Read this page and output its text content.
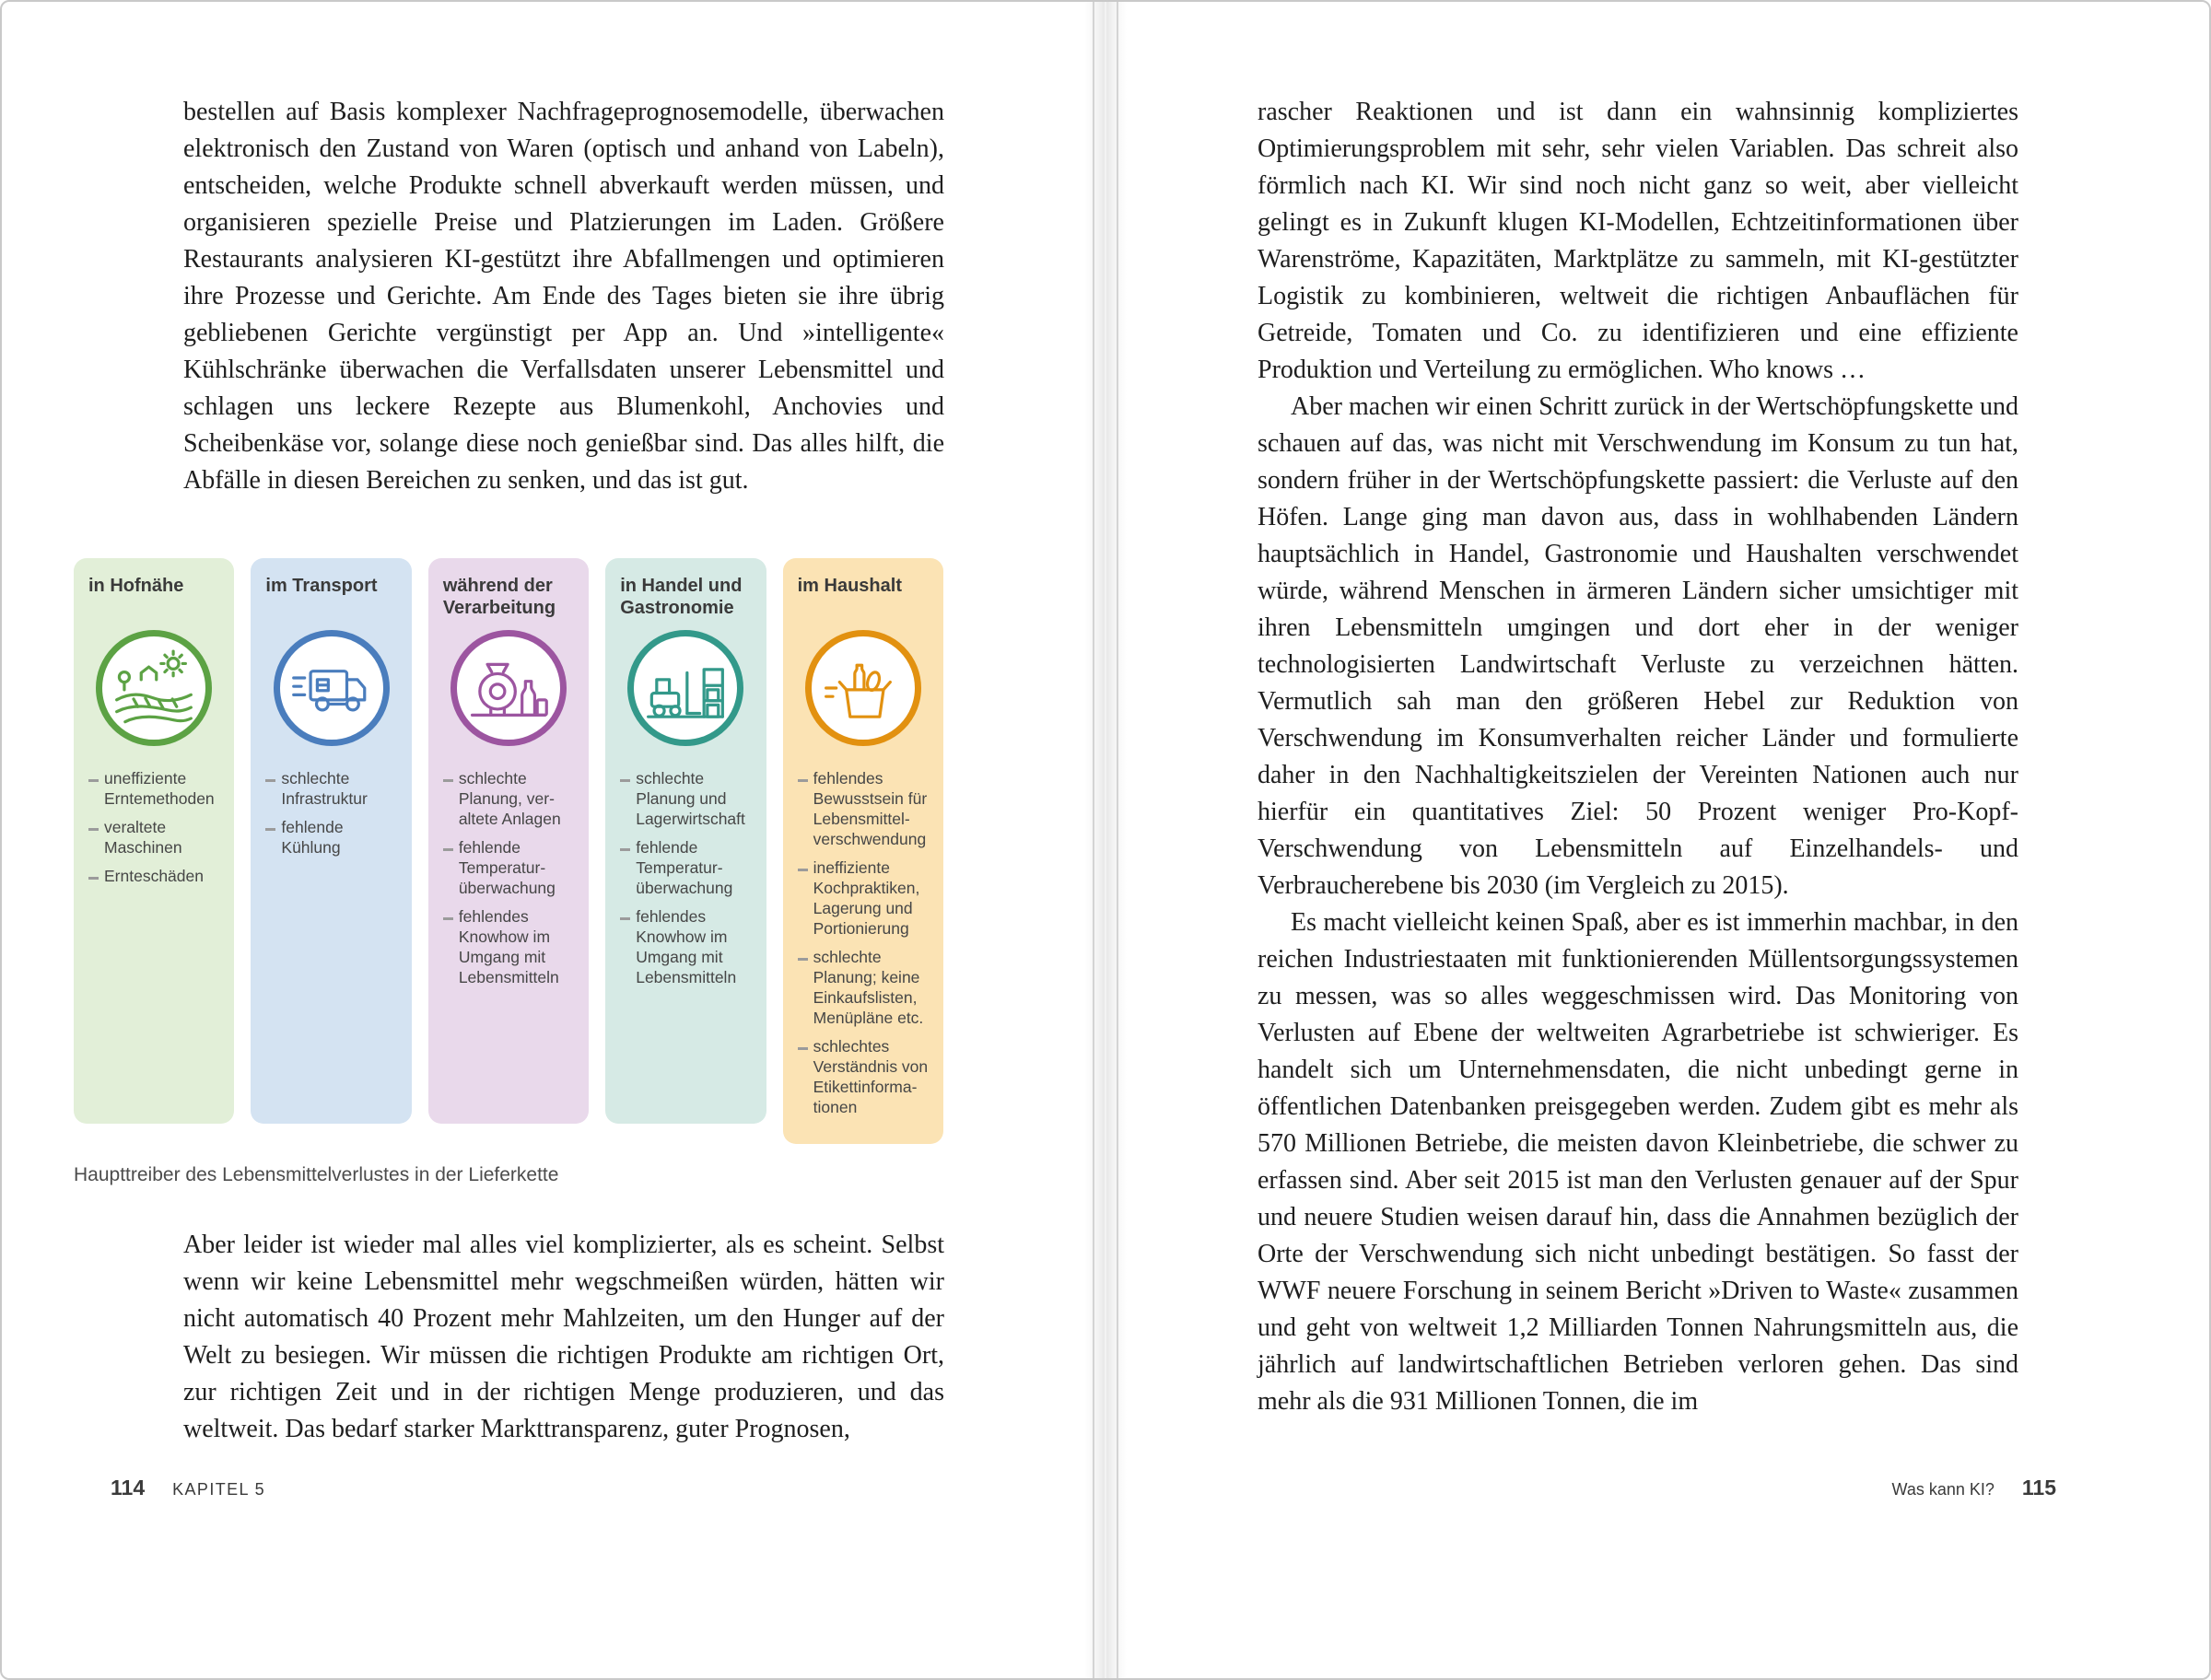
bestellen auf Basis komplexer Nachfrageprognosemodelle, überwachen elektronisch den Zustand von Waren (optisch und anhand von Labeln), entscheiden, welche Produkte schnell abverkauft werden müssen, und organisieren spezielle Preise und Platzierungen im Laden. Größere Restaurants analysieren KI-gestützt ihre Abfallmengen und optimieren ihre Prozesse und Gerichte. Am Ende des Tages bieten sie ihre übrig gebliebenen Gerichte vergünstigt per App an. Und »intelligente« Kühlschränke überwachen die Verfallsdaten unserer Lebensmittel und schlagen uns leckere Rezepte aus Blumenkohl, Anchovies und Scheibenkäse vor, solange diese noch genießbar sind. Das alles hilft, die Abfälle in diesen Bereichen zu senken, und das ist gut.

in Hofnähe
uneffiziente Erntemethoden
veraltete Maschinen
Ernteschäden
im Transport
schlechte Infrastruktur
fehlende Kühlung
während der Verarbeitung
schlechte Planung, veraltete Anlagen
fehlende Temperaturüberwachung
fehlendes Knowhow im Umgang mit Lebensmitteln
in Handel und Gastronomie
schlechte Planung und Lagerwirtschaft
fehlende Temperaturüberwachung
fehlendes Knowhow im Umgang mit Lebensmitteln
im Haushalt
fehlendes Bewusstsein für Lebensmittelverschwendung
ineffiziente Kochpraktiken, Lagerung und Portionierung
schlechte Planung; keine Einkaufslisten, Menüpläne etc.
schlechtes Verständnis von Etikettinformationen
Haupttreiber des Lebensmittelverlustes in der Lieferkette

Aber leider ist wieder mal alles viel komplizierter, als es scheint. Selbst wenn wir keine Lebensmittel mehr wegschmeißen würden, hätten wir nicht automatisch 40 Prozent mehr Mahlzeiten, um den Hunger auf der Welt zu besiegen. Wir müssen die richtigen Produkte am richtigen Ort, zur richtigen Zeit und in der richtigen Menge produzieren, und das weltweit. Das bedarf starker Markttransparenz, guter Prognosen,

114 KAPITEL 5

rascher Reaktionen und ist dann ein wahnsinnig kompliziertes Optimierungsproblem mit sehr, sehr vielen Variablen. Das schreit also förmlich nach KI. Wir sind noch nicht ganz so weit, aber vielleicht gelingt es in Zukunft klugen KI-Modellen, Echtzeitinformationen über Warenströme, Kapazitäten, Marktplätze zu sammeln, mit KI-gestützter Logistik zu kombinieren, weltweit die richtigen Anbauflächen für Getreide, Tomaten und Co. zu identifizieren und eine effiziente Produktion und Verteilung zu ermöglichen. Who knows …

Aber machen wir einen Schritt zurück in der Wertschöpfungskette und schauen auf das, was nicht mit Verschwendung im Konsum zu tun hat, sondern früher in der Wertschöpfungskette passiert: die Verluste auf den Höfen. Lange ging man davon aus, dass in wohlhabenden Ländern hauptsächlich in Handel, Gastronomie und Haushalten verschwendet würde, während Menschen in ärmeren Ländern sicher umsichtiger mit ihren Lebensmitteln umgingen und dort eher in der weniger technologisierten Landwirtschaft Verluste zu verzeichnen hätten. Vermutlich sah man den größeren Hebel zur Reduktion von Verschwendung im Konsumverhalten reicher Länder und formulierte daher in den Nachhaltigkeitszielen der Vereinten Nationen auch nur hierfür ein quantitatives Ziel: 50 Prozent weniger Pro-Kopf-Verschwendung von Lebensmitteln auf Einzelhandels- und Verbraucherebene bis 2030 (im Vergleich zu 2015).

Es macht vielleicht keinen Spaß, aber es ist immerhin machbar, in den reichen Industriestaaten mit funktionierenden Müllentsorgungssystemen zu messen, was so alles weggeschmissen wird. Das Monitoring von Verlusten auf Ebene der weltweiten Agrarbetriebe ist schwieriger. Es handelt sich um Unternehmensdaten, die nicht unbedingt gerne in öffentlichen Datenbanken preisgegeben werden. Zudem gibt es mehr als 570 Millionen Betriebe, die meisten davon Kleinbetriebe, die schwer zu erfassen sind. Aber seit 2015 ist man den Verlusten genauer auf der Spur und neuere Studien weisen darauf hin, dass die Annahmen bezüglich der Orte der Verschwendung sich nicht unbedingt bestätigen. So fasst der WWF neuere Forschung in seinem Bericht »Driven to Waste« zusammen und geht von weltweit 1,2 Milliarden Tonnen Nahrungsmitteln aus, die jährlich auf landwirtschaftlichen Betrieben verloren gehen. Das sind mehr als die 931 Millionen Tonnen, die im

Was kann KI? 115
